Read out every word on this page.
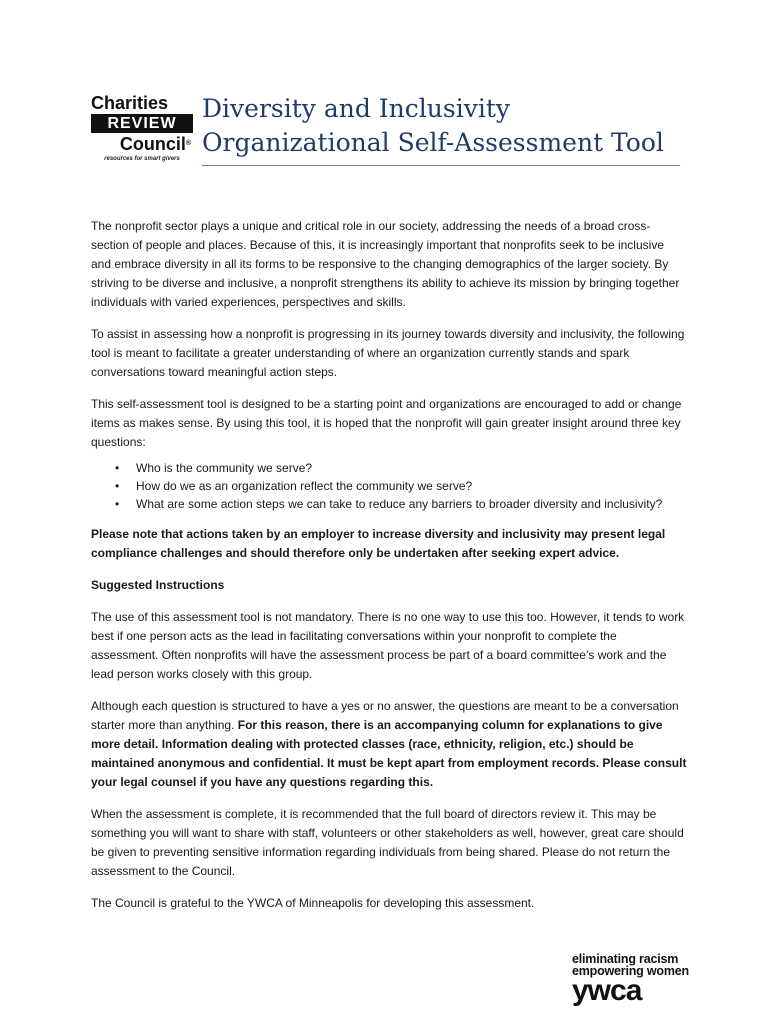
Charities
REVIEW
Council®
resources for smart givers
Diversity and Inclusivity
Organizational Self-Assessment Tool

The nonprofit sector plays a unique and critical role in our society, addressing the needs of a broad cross-section of people and places. Because of this, it is increasingly important that nonprofits seek to be inclusive and embrace diversity in all its forms to be responsive to the changing demographics of the larger society. By striving to be diverse and inclusive, a nonprofit strengthens its ability to achieve its mission by bringing together individuals with varied experiences, perspectives and skills.

To assist in assessing how a nonprofit is progressing in its journey towards diversity and inclusivity, the following tool is meant to facilitate a greater understanding of where an organization currently stands and spark conversations toward meaningful action steps.

This self-assessment tool is designed to be a starting point and organizations are encouraged to add or change items as makes sense. By using this tool, it is hoped that the nonprofit will gain greater insight around three key questions:

• Who is the community we serve?
• How do we as an organization reflect the community we serve?
• What are some action steps we can take to reduce any barriers to broader diversity and inclusivity?

Please note that actions taken by an employer to increase diversity and inclusivity may present legal compliance challenges and should therefore only be undertaken after seeking expert advice.

Suggested Instructions

The use of this assessment tool is not mandatory. There is no one way to use this too. However, it tends to work best if one person acts as the lead in facilitating conversations within your nonprofit to complete the assessment. Often nonprofits will have the assessment process be part of a board committee’s work and the lead person works closely with this group.

Although each question is structured to have a yes or no answer, the questions are meant to be a conversation starter more than anything. For this reason, there is an accompanying column for explanations to give more detail. Information dealing with protected classes (race, ethnicity, religion, etc.) should be maintained anonymous and confidential. It must be kept apart from employment records. Please consult your legal counsel if you have any questions regarding this.

When the assessment is complete, it is recommended that the full board of directors review it. This may be something you will want to share with staff, volunteers or other stakeholders as well, however, great care should be given to preventing sensitive information regarding individuals from being shared. Please do not return the assessment to the Council.

The Council is grateful to the YWCA of Minneapolis for developing this assessment.

eliminating racism
empowering women
ywca
